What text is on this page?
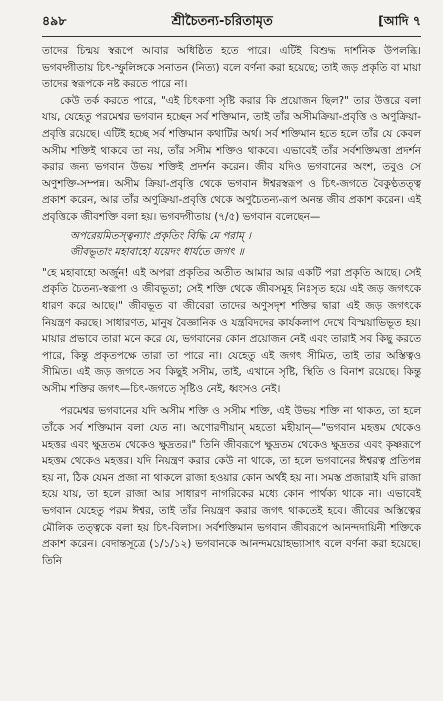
৪৯৮	শ্রীচৈতন্য-চরিতামৃত	[আদি ৭

তাদের চিন্ময় স্বরূপে আবার অধিষ্ঠিত হতে পারে। এটিই বিশুদ্ধ দার্শনিক উপলব্ধি। ভগবদ্গীতায় চিৎ-স্ফুলিঙ্গকে সনাতন (নিত্য) বলে বর্ণনা করা হয়েছে; তাই জড় প্রকৃতি বা মায়া তাদের স্বরূপকে নষ্ট করতে পারে না।

কেউ তর্ক করতে পারে, "এই চিৎকণা সৃষ্টি করার কি প্রয়োজন ছিল?" তার উত্তরে বলা যায়, যেহেতু পরমেশ্বর ভগবান হচ্ছেন সর্ব শক্তিমান, তাই তাঁর অসীমক্রিয়া-প্রবৃত্তি ও অণুক্রিয়া-প্রবৃত্তি রয়েছে। এটিই হচ্ছে সর্ব শক্তিমান কথাটির অর্থ। সর্ব শক্তিমান হতে হলে তাঁর যে কেবল অসীম শক্তিই থাকবে তা নয়, তাঁর সসীম শক্তিও থাকবে। এভাবেই তাঁর সর্বশক্তিমত্তা প্রদর্শন করার জন্য ভগবান উভয় শক্তিই প্রদর্শন করেন। জীব যদিও ভগবানের অংশ, তবুও সে অণুশক্তি-সম্পন্ন। অসীম ক্রিয়া-প্রবৃত্তি থেকে ভগবান ঈশ্বরস্বরূপ ও চিৎ-জগতে বৈকুণ্ঠতত্ত্ব প্রকাশ করেন, আর তাঁর অণুক্রিয়া-প্রবৃত্তি থেকে অণুচৈতন্য-রূপ অনন্ত জীব প্রকাশ করেন। এই প্রবৃত্তিকে জীবশক্তি বলা হয়। ভগবদ্গীতায় (৭/৫) ভগবান বলেছেন—

অপরেয়মিতস্ত্বন্যাং প্রকৃতিং বিদ্ধি মে পরাম্‌ ।
জীবভূতাং মহাবাহো যয়েদং ধার্যতে জগৎ ॥

"হে মহাবাহো অর্জুন! এই অপরা প্রকৃতির অতীত আমার আর একটি পরা প্রকৃতি আছে। সেই প্রকৃতি চৈতন্য-স্বরূপা ও জীবভূতা; সেই শক্তি থেকে জীবসমূহ নিঃসৃত হয়ে এই জড় জগৎকে ধারণ করে আছে।" জীবভূত বা জীবেরা তাদের অণুসদৃশ শক্তির দ্বারা এই জড় জগৎকে নিয়ন্ত্রণ করছে। সাধারণত, মানুষ বৈজ্ঞানিক ও যন্ত্রবিদদের কার্যকলাপ দেখে বিস্ময়াভিভূত হয়। মায়ার প্রভাবে তারা মনে করে যে, ভগবানের কোন প্রয়োজন নেই এবং তারাই সব কিছু করতে পারে, কিন্তু প্রকৃতপক্ষে তারা তা পারে না। যেহেতু এই জগৎ সীমিত, তাই তার অস্তিত্বও সীমিত। এই জড় জগতে সব কিছুই সসীম, তাই, এখানে সৃষ্টি, স্থিতি ও বিনাশ রয়েছে। কিন্তু অসীম শক্তির জগৎ—চিৎ-জগতে সৃষ্টিও নেই, ধ্বংসও নেই।

পরমেশ্বর ভগবানের যদি অসীম শক্তি ও সসীম শক্তি, এই উভয় শক্তি না থাকত, তা হলে তাঁকে সর্ব শক্তিমান বলা যেত না। অণোরণীয়ান্ মহতো মহীয়ান্—"ভগবান মহত্তম থেকেও মহত্তর এবং ক্ষুদ্রতম থেকেও ক্ষুদ্রতর।" তিনি জীবরূপে ক্ষুদ্রতম থেকেও ক্ষুদ্রতর এবং কৃষ্ণরূপে মহত্তম থেকেও মহত্তর। যদি নিয়ন্ত্রণ করার কেউ না থাকে, তা হলে ভগবানের ঈশ্বরত্ব প্রতিপন্ন হয় না, ঠিক যেমন প্রজা না থাকলে রাজা হওয়ার কোন অর্থই হয় না। সমস্ত প্রজারাই যদি রাজা হয়ে যায়, তা হলে রাজা আর সাধারণ নাগরিকের মধ্যে কোন পার্থক্য থাকে না। এভাবেই ভগবান যেহেতু পরম ঈশ্বর, তাই তাঁর নিয়ন্ত্রণ করার জগৎ থাকতেই হবে। জীবের অস্তিত্বের মৌলিক তত্ত্বকে বলা হয় চিৎ-বিলাস। সর্বশক্তিমান ভগবান জীবরূপে আনন্দদায়িনী শক্তিকে প্রকাশ করেন। বেদান্তসূত্রে (১/১/১২) ভগবানকে আনন্দময়োহভ্যাসাৎ বলে বর্ণনা করা হয়েছে। তিনি
